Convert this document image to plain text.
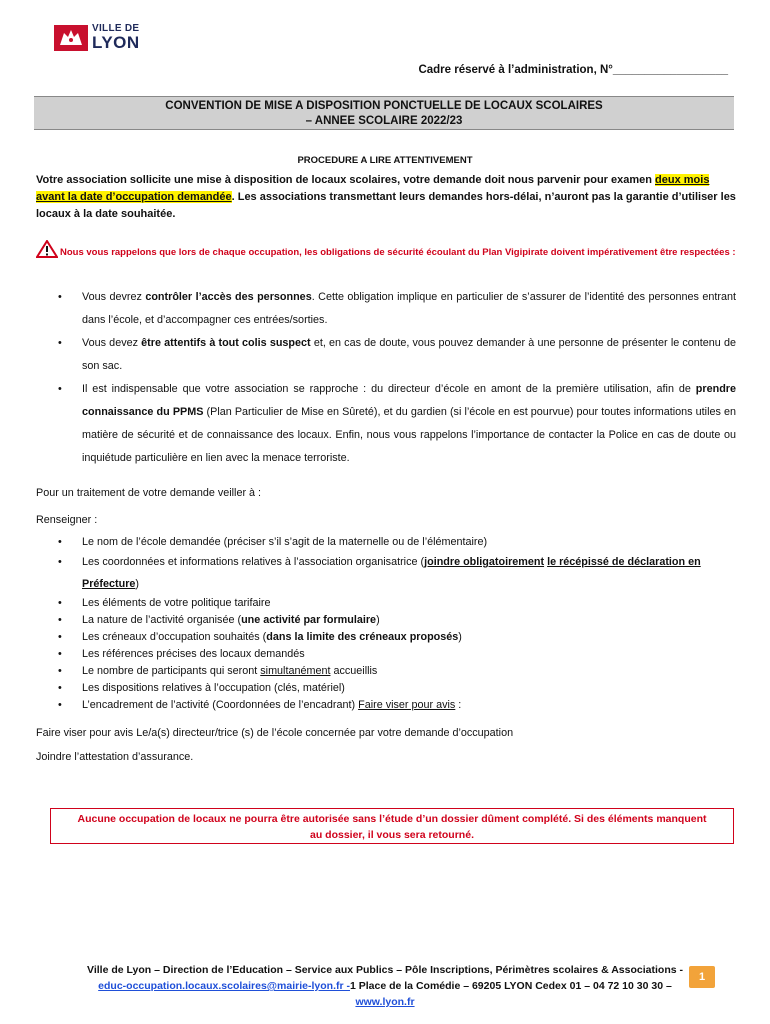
VILLE DE
LYON
Cadre réservé à l’administration, N°__________________
CONVENTION DE MISE A DISPOSITION PONCTUELLE DE LOCAUX SCOLAIRES
– ANNEE SCOLAIRE 2022/23
PROCEDURE A LIRE ATTENTIVEMENT
Votre association sollicite une mise à disposition de locaux scolaires, votre demande doit nous parvenir pour examen deux mois avant la date d’occupation demandée. Les associations transmettant leurs demandes hors-délai, n’auront pas la garantie d’utiliser les locaux à la date souhaitée.
Nous vous rappelons que lors de chaque occupation, les obligations de sécurité écoulant du Plan Vigipirate doivent impérativement être respectées :
• Vous devrez contrôler l’accès des personnes. Cette obligation implique en particulier de s’assurer de l’identité des personnes entrant dans l’école, et d’accompagner ces entrées/sorties.
• Vous devez être attentifs à tout colis suspect et, en cas de doute, vous pouvez demander à une personne de présenter le contenu de son sac.
• Il est indispensable que votre association se rapproche : du directeur d’école en amont de la première utilisation, afin de prendre connaissance du PPMS (Plan Particulier de Mise en Sûreté), et du gardien (si l’école en est pourvue) pour toutes informations utiles en matière de sécurité et de connaissance des locaux. Enfin, nous vous rappelons l’importance de contacter la Police en cas de doute ou inquiétude particulière en lien avec la menace terroriste.
Pour un traitement de votre demande veiller à :
Renseigner :
• Le nom de l’école demandée (préciser s’il s’agit de la maternelle ou de l’élémentaire)
• Les coordonnées et informations relatives à l’association organisatrice (joindre obligatoirement le récépissé de déclaration en Préfecture)
• Les éléments de votre politique tarifaire
• La nature de l’activité organisée (une activité par formulaire)
• Les créneaux d’occupation souhaités (dans la limite des créneaux proposés)
• Les références précises des locaux demandés
• Le nombre de participants qui seront simultanément accueillis
• Les dispositions relatives à l’occupation (clés, matériel)
• L’encadrement de l’activité (Coordonnées de l’encadrant) Faire viser pour avis :
Faire viser pour avis Le/a(s) directeur/trice (s) de l’école concernée par votre demande d’occupation
Joindre l’attestation d’assurance.
Aucune occupation de locaux ne pourra être autorisée sans l’étude d’un dossier dûment complété. Si des éléments manquent
au dossier, il vous sera retourné.
Ville de Lyon – Direction de l’Education – Service aux Publics – Pôle Inscriptions, Périmètres scolaires & Associations -
educ-occupation.locaux.scolaires@mairie-lyon.fr -1 Place de la Comédie – 69205 LYON Cedex 01 – 04 72 10 30 30 –
www.lyon.fr
1
